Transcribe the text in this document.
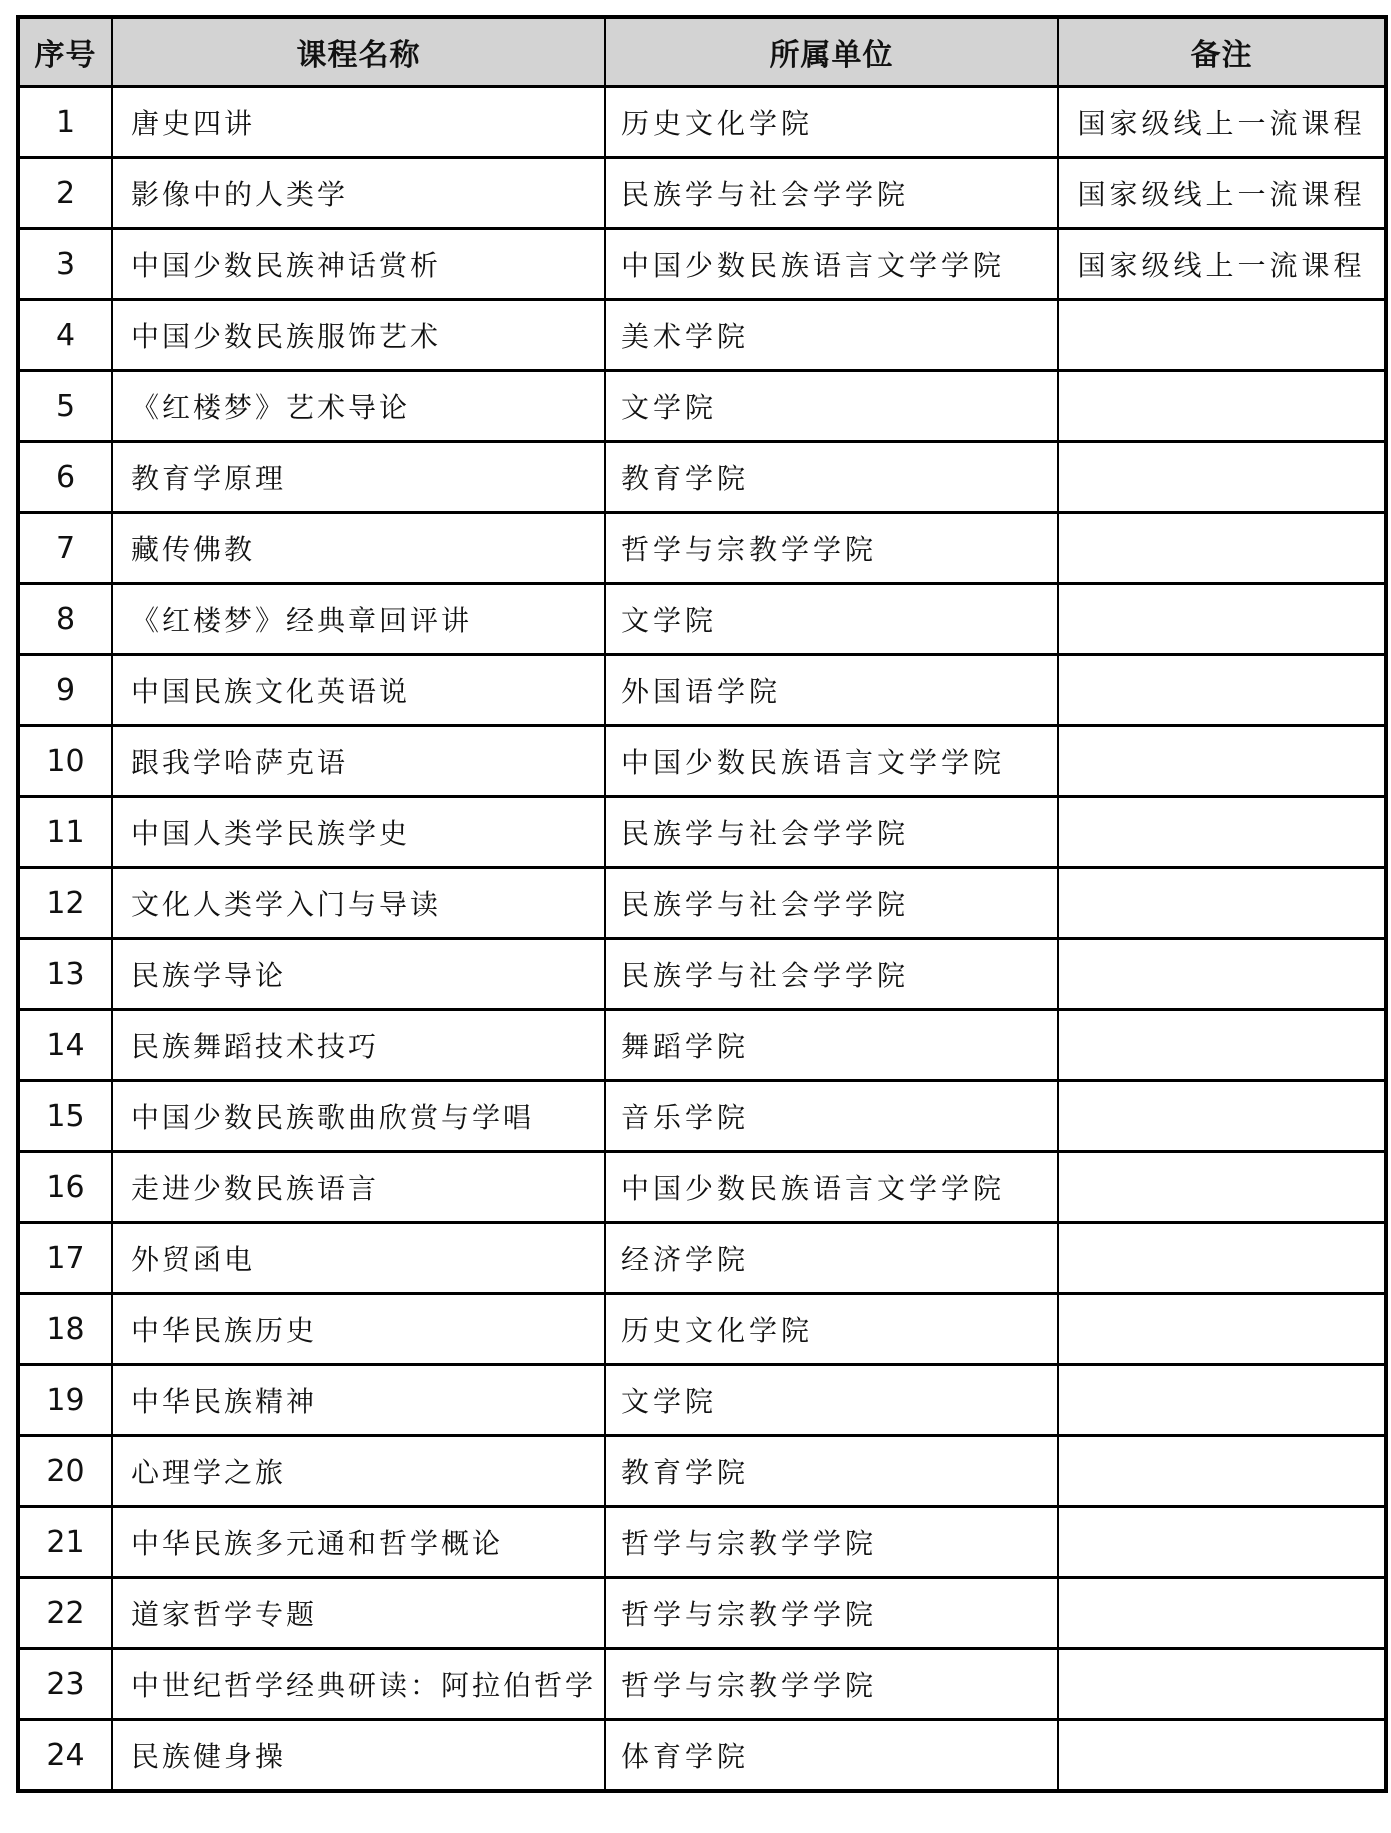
序号	课程名称	所属单位	备注
1	唐史四讲	历史文化学院	国家级线上一流课程
2	影像中的人类学	民族学与社会学学院	国家级线上一流课程
3	中国少数民族神话赏析	中国少数民族语言文学学院	国家级线上一流课程
4	中国少数民族服饰艺术	美术学院	
5	《红楼梦》艺术导论	文学院	
6	教育学原理	教育学院	
7	藏传佛教	哲学与宗教学学院	
8	《红楼梦》经典章回评讲	文学院	
9	中国民族文化英语说	外国语学院	
10	跟我学哈萨克语	中国少数民族语言文学学院	
11	中国人类学民族学史	民族学与社会学学院	
12	文化人类学入门与导读	民族学与社会学学院	
13	民族学导论	民族学与社会学学院	
14	民族舞蹈技术技巧	舞蹈学院	
15	中国少数民族歌曲欣赏与学唱	音乐学院	
16	走进少数民族语言	中国少数民族语言文学学院	
17	外贸函电	经济学院	
18	中华民族历史	历史文化学院	
19	中华民族精神	文学院	
20	心理学之旅	教育学院	
21	中华民族多元通和哲学概论	哲学与宗教学学院	
22	道家哲学专题	哲学与宗教学学院	
23	中世纪哲学经典研读：阿拉伯哲学	哲学与宗教学学院	
24	民族健身操	体育学院	
